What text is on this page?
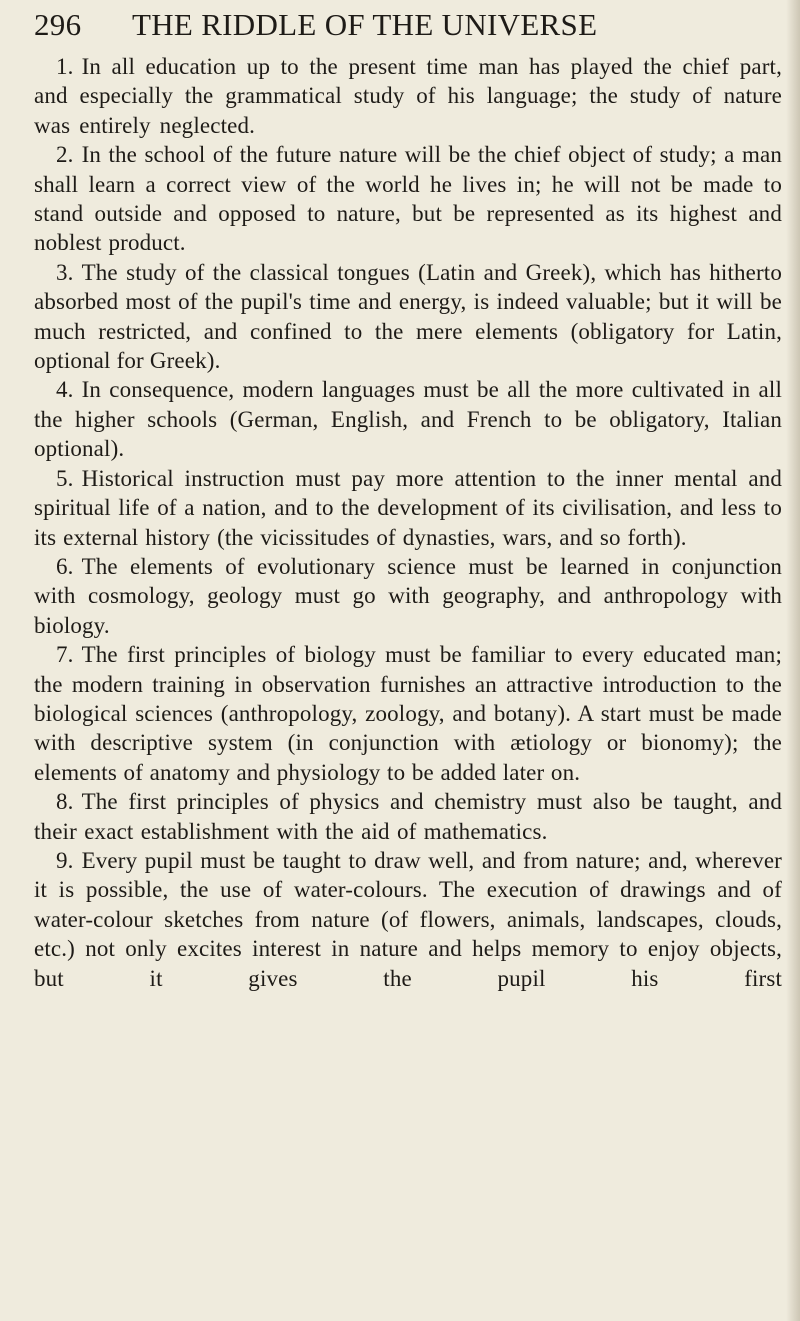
296 THE RIDDLE OF THE UNIVERSE

1. In all education up to the present time man has played the chief part, and especially the grammatical study of his language; the study of nature was entirely neglected.

2. In the school of the future nature will be the chief object of study; a man shall learn a correct view of the world he lives in; he will not be made to stand outside and opposed to nature, but be represented as its highest and noblest product.

3. The study of the classical tongues (Latin and Greek), which has hitherto absorbed most of the pupil's time and energy, is indeed valuable; but it will be much restricted, and confined to the mere elements (obligatory for Latin, optional for Greek).

4. In consequence, modern languages must be all the more cultivated in all the higher schools (German, English, and French to be obligatory, Italian optional).

5. Historical instruction must pay more attention to the inner mental and spiritual life of a nation, and to the development of its civilisation, and less to its external history (the vicissitudes of dynasties, wars, and so forth).

6. The elements of evolutionary science must be learned in conjunction with cosmology, geology must go with geography, and anthropology with biology.

7. The first principles of biology must be familiar to every educated man; the modern training in observation furnishes an attractive introduction to the biological sciences (anthropology, zoology, and botany). A start must be made with descriptive system (in conjunction with ætiology or bionomy); the elements of anatomy and physiology to be added later on.

8. The first principles of physics and chemistry must also be taught, and their exact establishment with the aid of mathematics.

9. Every pupil must be taught to draw well, and from nature; and, wherever it is possible, the use of water-colours. The execution of drawings and of water-colour sketches from nature (of flowers, animals, landscapes, clouds, etc.) not only excites interest in nature and helps memory to enjoy objects, but it gives the pupil his first
